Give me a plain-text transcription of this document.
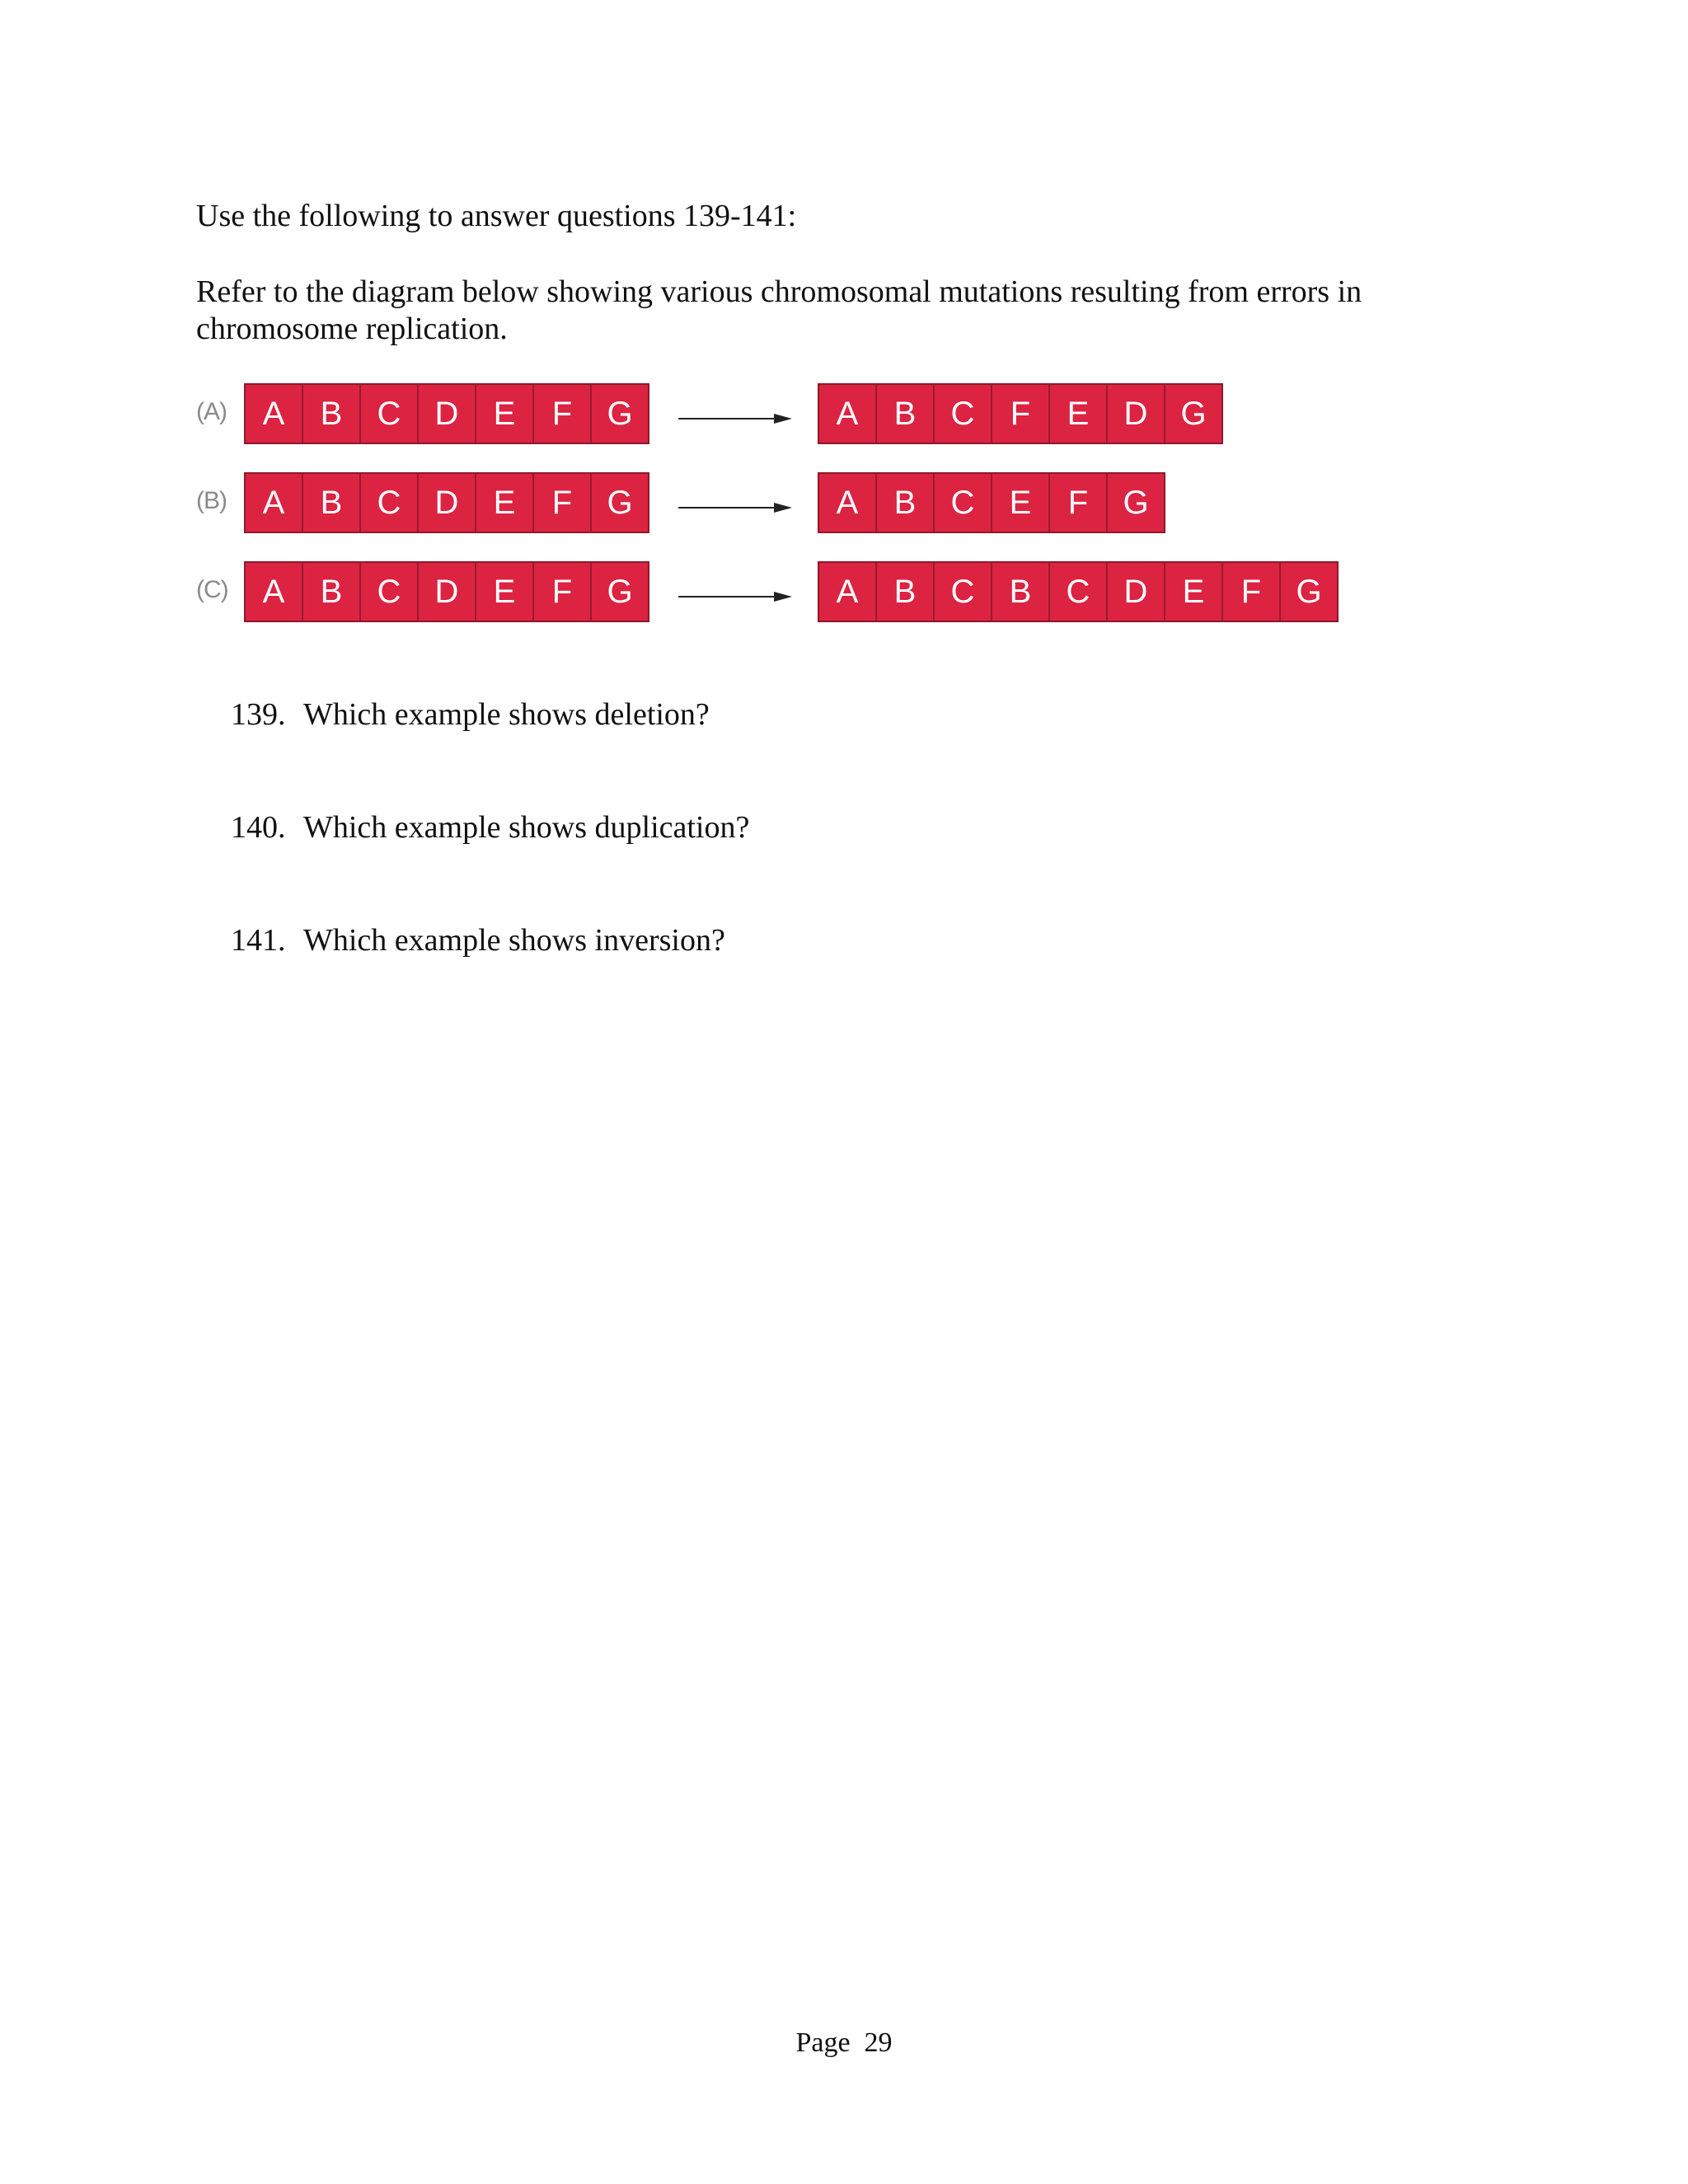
Use the following to answer questions 139-141:

Refer to the diagram below showing various chromosomal mutations resulting from errors in chromosome replication.

(A)	A	B	C	D	E	F	G	A	B	C	F	E	D	G
(B)	A	B	C	D	E	F	G	A	B	C	E	F	G
(C)	A	B	C	D	E	F	G	A	B	C	B	C	D	E	F	G

139. Which example shows deletion?

140. Which example shows duplication?

141. Which example shows inversion?

Page 29
